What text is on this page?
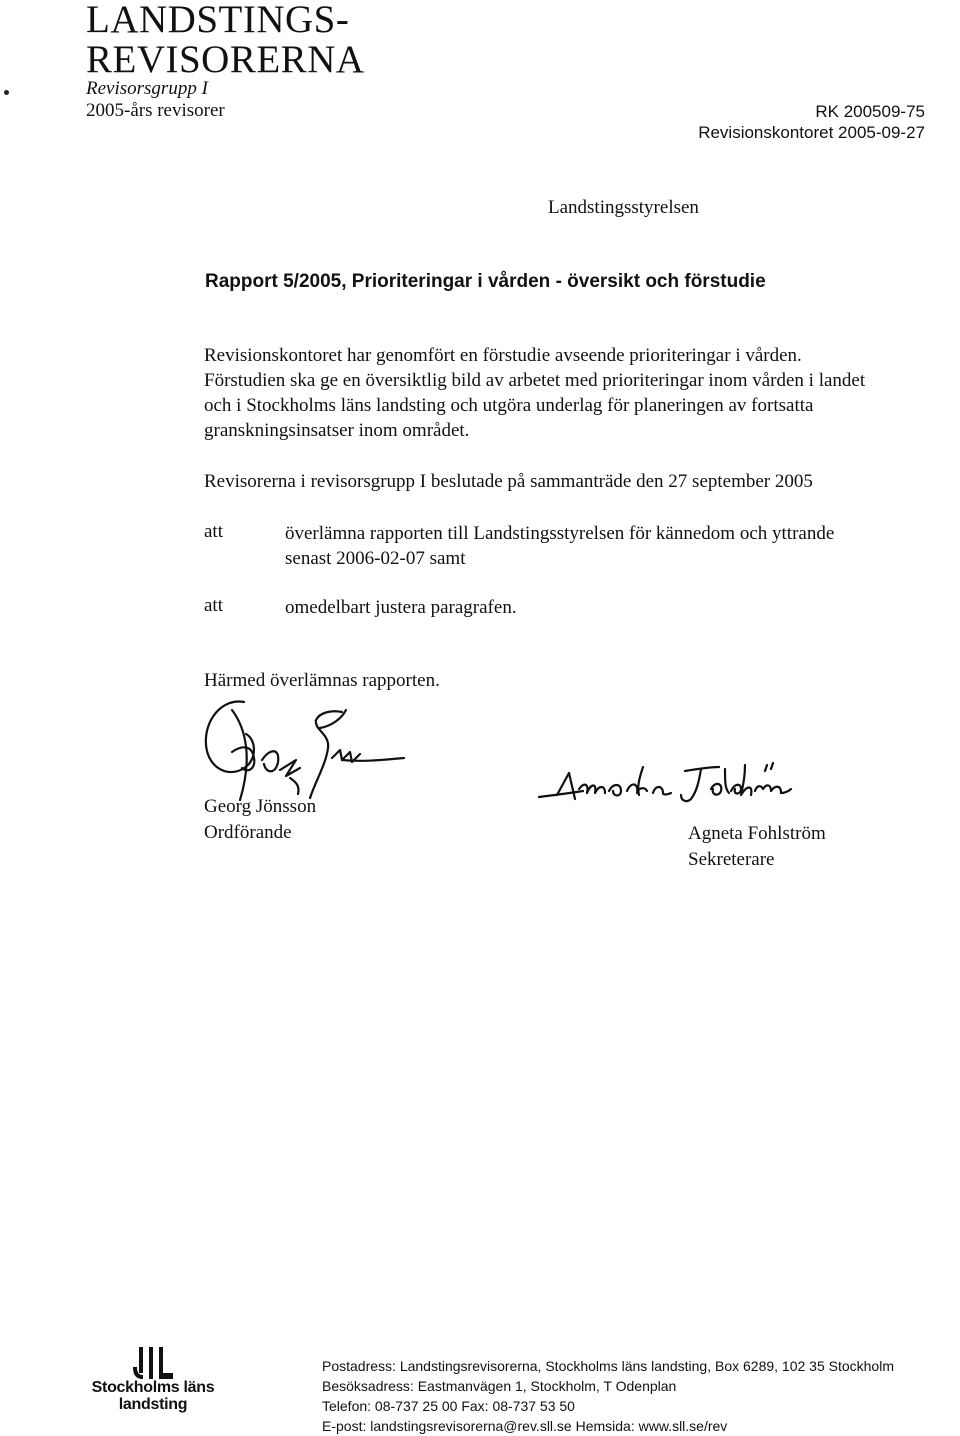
LANDSTINGS-
REVISORERNA
Revisorsgrupp I
2005-års revisorer	RK 200509-75
Revisionskontoret 2005-09-27
Landstingsstyrelsen
Rapport 5/2005, Prioriteringar i vården - översikt och förstudie
Revisionskontoret har genomfört en förstudie avseende prioriteringar i vården.
Förstudien ska ge en översiktlig bild av arbetet med prioriteringar inom vården i landet
och i Stockholms läns landsting och utgöra underlag för planeringen av fortsatta
granskningsinsatser inom området.
Revisorerna i revisorsgrupp I beslutade på sammanträde den 27 september 2005
att	överlämna rapporten till Landstingsstyrelsen för kännedom och yttrande
senast 2006-02-07 samt
att	omedelbart justera paragrafen.
Härmed överlämnas rapporten.
Georg Jönsson
Ordförande	Agneta Fohlström
Sekreterare
Stockholms läns
landsting
Postadress: Landstingsrevisorerna, Stockholms läns landsting, Box 6289, 102 35 Stockholm
Besöksadress: Eastmanvägen 1, Stockholm, T Odenplan
Telefon: 08-737 25 00 Fax: 08-737 53 50
E-post: landstingsrevisorerna@rev.sll.se Hemsida: www.sll.se/rev
